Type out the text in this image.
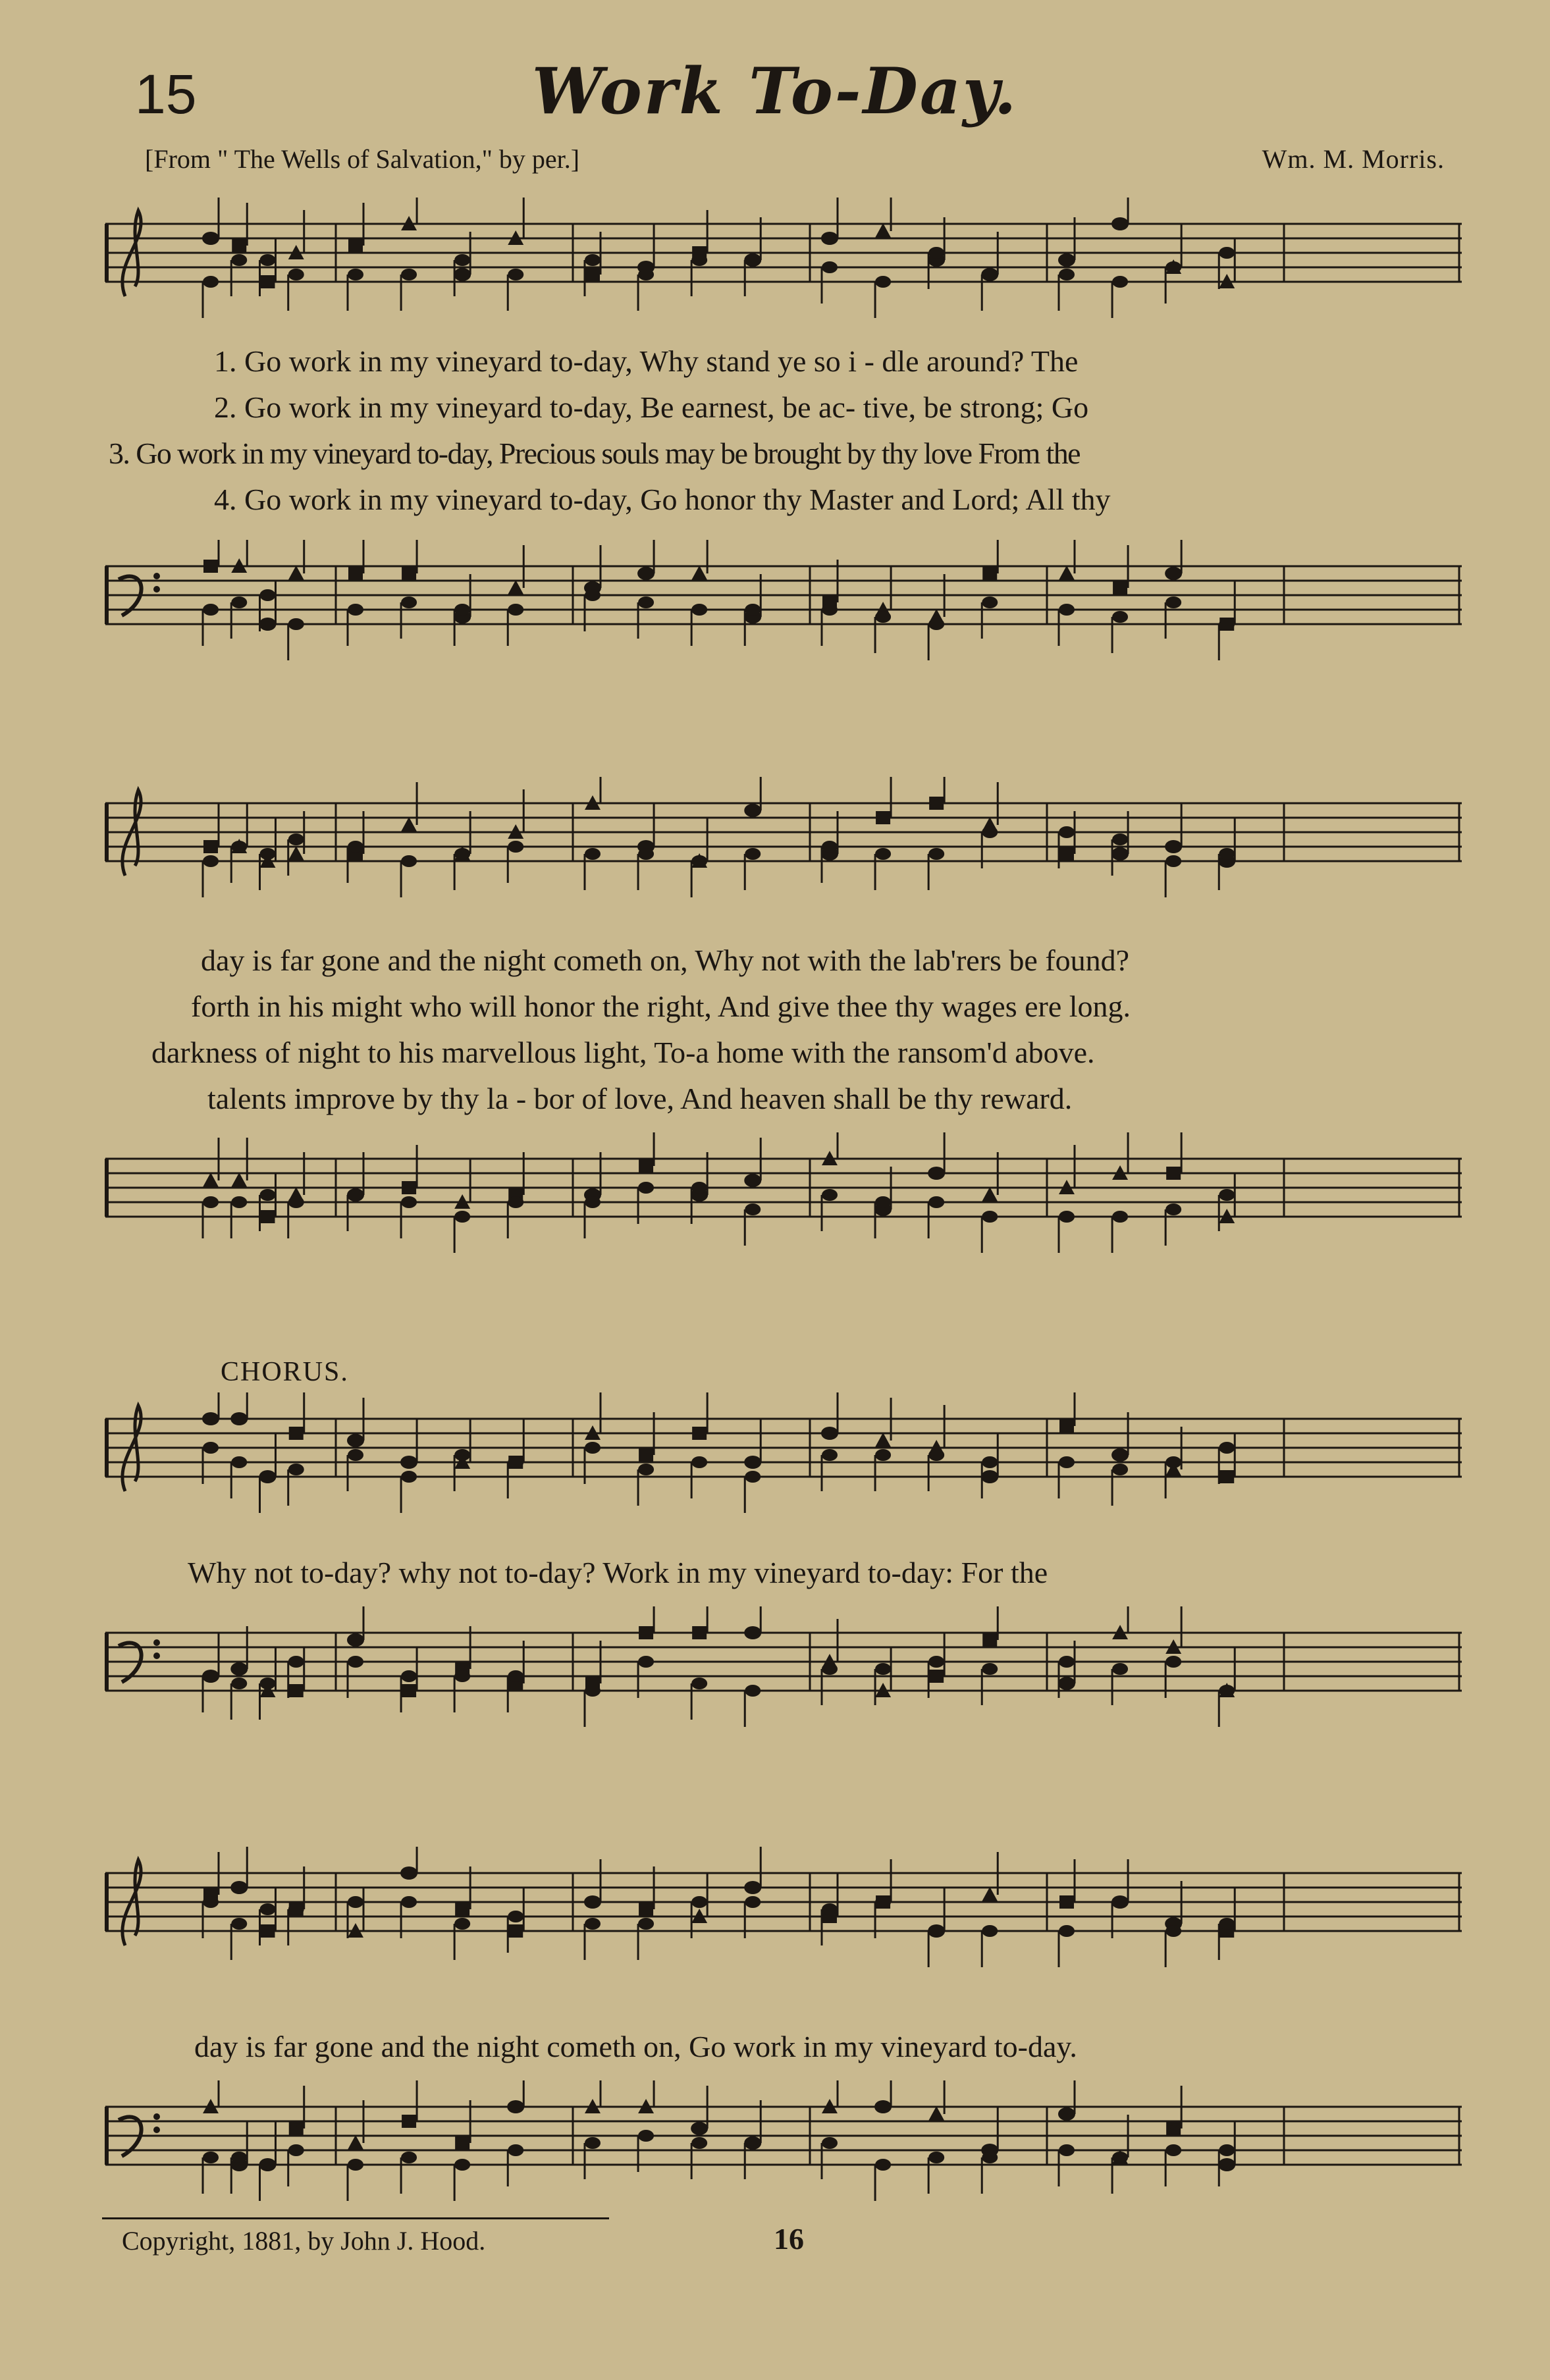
15	Work To-Day.
[From " The Wells of Salvation," by per.]	Wm. M. Morris.
1. Go work in my vineyard to-day, Why stand ye so i - dle around? The
2. Go work in my vineyard to-day, Be earnest, be ac- tive, be strong; Go
3. Go work in my vineyard to-day, Precious souls may be brought by thy love From the
4. Go work in my vineyard to-day, Go honor thy Master and Lord; All thy
day is far gone and the night cometh on, Why not with the lab'rers be found?
forth in his might who will honor the right, And give thee thy wages ere long.
darkness of night to his marvellous light, To-a home with the ransom'd above.
talents improve by thy la - bor of love, And heaven shall be thy reward.
CHORUS.
Why not to-day? why not to-day? Work in my vineyard to-day: For the
day is far gone and the night cometh on, Go work in my vineyard to-day.
Copyright, 1881, by John J. Hood.	16
